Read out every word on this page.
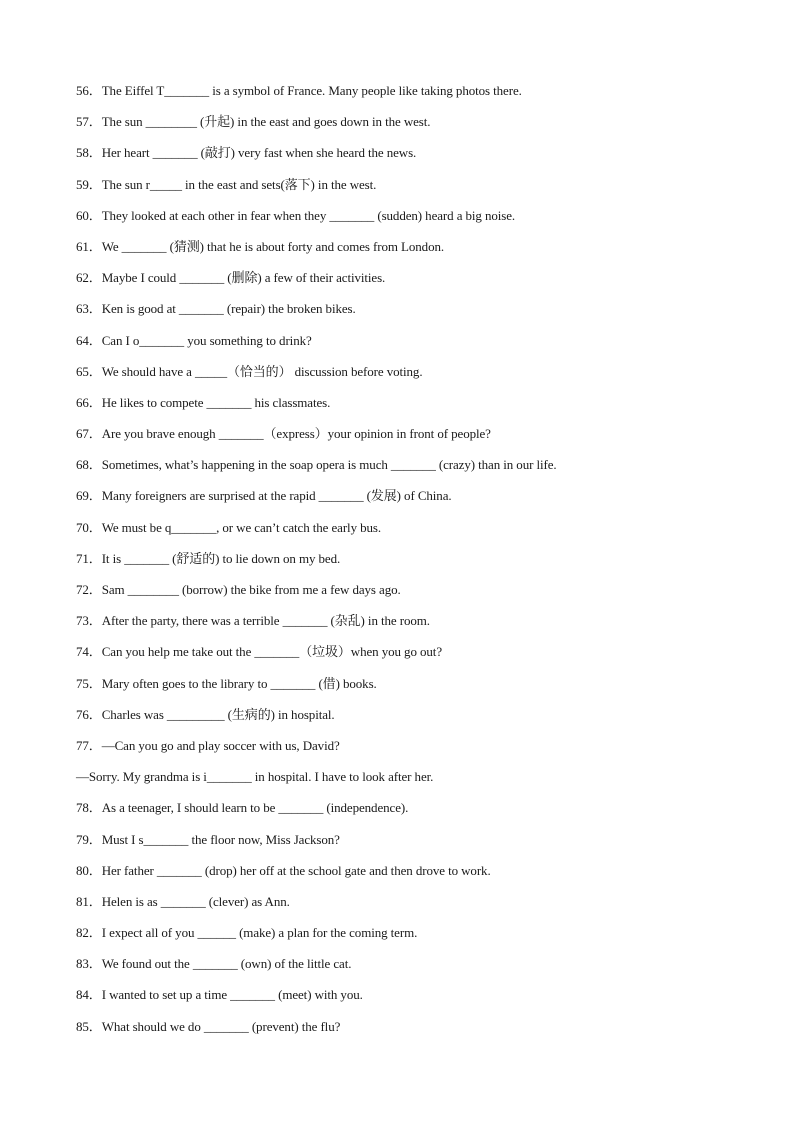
56．The Eiffel T_______ is a symbol of France. Many people like taking photos there.
57．The sun ________ (升起) in the east and goes down in the west.
58．Her heart _______ (敲打) very fast when she heard the news.
59．The sun r_____ in the east and sets(落下) in the west.
60．They looked at each other in fear when they _______ (sudden) heard a big noise.
61．We _______ (猜测) that he is about forty and comes from London.
62．Maybe I could _______ (删除) a few of their activities.
63．Ken is good at _______ (repair) the broken bikes.
64．Can I o_______ you something to drink?
65．We should have a _____（恰当的） discussion before voting.
66．He likes to compete _______ his classmates.
67．Are you brave enough _______（express）your opinion in front of people?
68．Sometimes, what’s happening in the soap opera is much _______ (crazy) than in our life.
69．Many foreigners are surprised at the rapid _______ (发展) of China.
70．We must be q_______, or we can’t catch the early bus.
71．It is _______ (舒适的) to lie down on my bed.
72．Sam ________ (borrow) the bike from me a few days ago.
73．After the party, there was a terrible _______ (杂乱) in the room.
74．Can you help me take out the _______（垃圾）when you go out?
75．Mary often goes to the library to _______ (借) books.
76．Charles was _________ (生病的) in hospital.
77．—Can you go and play soccer with us, David?
—Sorry. My grandma is i_______ in hospital. I have to look after her.
78．As a teenager, I should learn to be _______ (independence).
79．Must I s_______ the floor now, Miss Jackson?
80．Her father _______ (drop) her off at the school gate and then drove to work.
81．Helen is as _______ (clever) as Ann.
82．I expect all of you ______ (make) a plan for the coming term.
83．We found out the _______ (own) of the little cat.
84．I wanted to set up a time _______ (meet) with you.
85．What should we do _______ (prevent) the flu?
